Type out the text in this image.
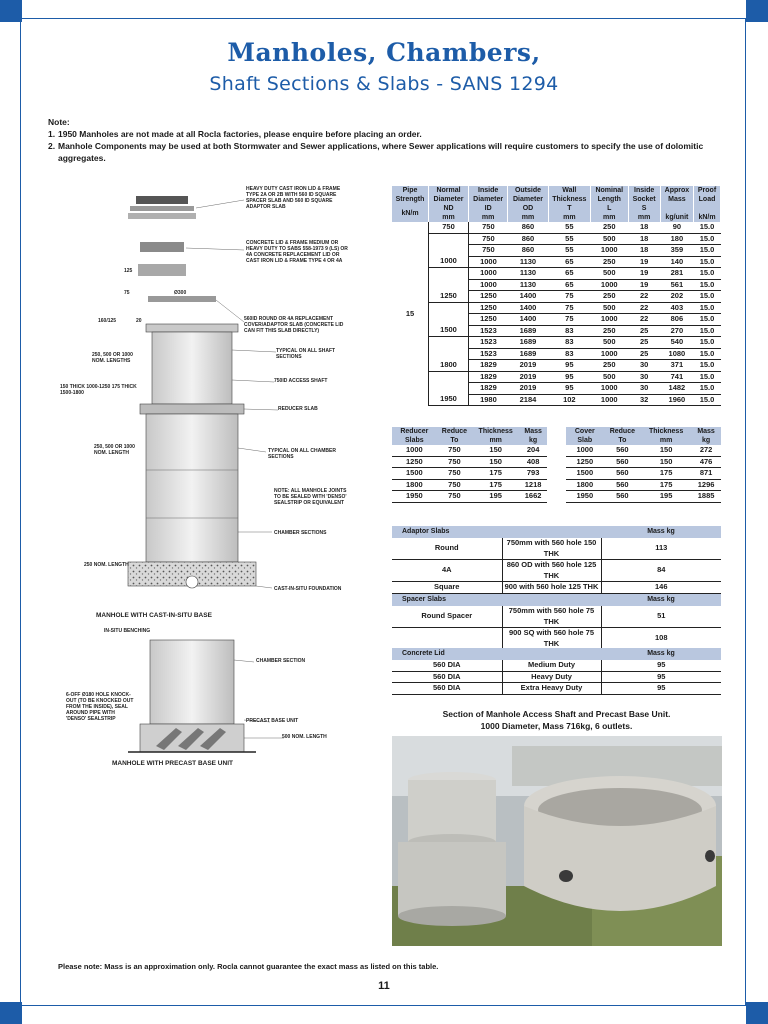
Manholes, Chambers,
Shaft Sections & Slabs - SANS 1294
Note:
1. 1950 Manholes are not made at all Rocla factories, please enquire before placing an order.
2. Manhole Components may be used at both Stormwater and Sewer applications, where Sewer applications will require customers to specify the use of dolomitic aggregates.
HEAVY DUTY CAST IRON LID & FRAME TYPE 2A OR 2B WITH 560 ID SQUARE SPACER SLAB AND 560 ID SQUARE ADAPTOR SLAB
CONCRETE LID & FRAME MEDIUM OR HEAVY DUTY TO SABS 558-1973 9 (LS) OR 4A CONCRETE REPLACEMENT LID OR CAST IRON LID & FRAME TYPE 4 OR 4A
560ID ROUND OR 4A REPLACEMENT COVER/ADAPTOR SLAB (CONCRETE LID CAN FIT THIS SLAB DIRECTLY)
TYPICAL ON ALL SHAFT SECTIONS
750ID ACCESS SHAFT
REDUCER SLAB
TYPICAL ON ALL CHAMBER SECTIONS
NOTE: ALL MANHOLE JOINTS TO BE SEALED WITH 'DENSO' SEALSTRIP OR EQUIVALENT
CHAMBER SECTIONS
250 NOM. LENGTH
CAST-IN-SITU FOUNDATION
MANHOLE WITH CAST-IN-SITU BASE
IN-SITU BENCHING
CHAMBER SECTION
6-OFF Ø180 HOLE KNOCK-OUT (TO BE KNOCKED OUT FROM THE INSIDE), SEAL AROUND PIPE WITH 'DENSO' SEALSTRIP	PRECAST BASE UNIT
500 NOM. LENGTH
MANHOLE WITH PRECAST BASE UNIT
250, 500 OR 1000 NOM. LENGTHS
150 THICK 1000-1250 175 THICK 1500-1800
250, 500 OR 1000 NOM. LENGTH
125
75	Ø300
160/125	20
Pipe Strength	Normal Diameter	Inside Diameter	Outside Diameter	Wall Thickness	Nominal Length	Inside Socket	Approx Mass	Proof Load
kN/m	ND	ID	OD	T	L	S		
	mm	mm	mm	mm	mm	mm	kg/unit	kN/m
15	750	750	860	55	250	18	90	15.0
		750	860	55	500	18	180	15.0
		750	860	55	1000	18	359	15.0
	1000	1000	1130	65	250	19	140	15.0
		1000	1130	65	500	19	281	15.0
		1000	1130	65	1000	19	561	15.0
	1250	1250	1400	75	250	22	202	15.0
		1250	1400	75	500	22	403	15.0
		1250	1400	75	1000	22	806	15.0
	1500	1523	1689	83	250	25	270	15.0
		1523	1689	83	500	25	540	15.0
		1523	1689	83	1000	25	1080	15.0
	1800	1829	2019	95	250	30	371	15.0
		1829	2019	95	500	30	741	15.0
		1829	2019	95	1000	30	1482	15.0
	1950	1980	2184	102	1000	32	1960	15.0
Reducer Slabs	Reduce To	Thickness mm	Mass kg
1000	750	150	204
1250	750	150	408
1500	750	175	793
1800	750	175	1218
1950	750	195	1662
Cover Slab	Reduce To	Thickness mm	Mass kg
1000	560	150	272
1250	560	150	476
1500	560	175	871
1800	560	175	1296
1950	560	195	1885
Adaptor Slabs		Mass kg
Round	750mm with 560 hole 150 THK	113
4A	860 OD with 560 hole 125 THK	84
Square	900 with 560 hole 125 THK	146
Spacer Slabs		Mass kg
Round Spacer	750mm with 560 hole 75 THK	51
	900 SQ with 560 hole 75 THK	108
Concrete Lid		Mass kg
560 DIA	Medium Duty	95
560 DIA	Heavy Duty	95
560 DIA	Extra Heavy Duty	95
Section of Manhole Access Shaft and Precast Base Unit.
1000 Diameter, Mass 716kg, 6 outlets.
Please note: Mass is an approximation only. Rocla cannot guarantee the exact mass as listed on this table.
11
